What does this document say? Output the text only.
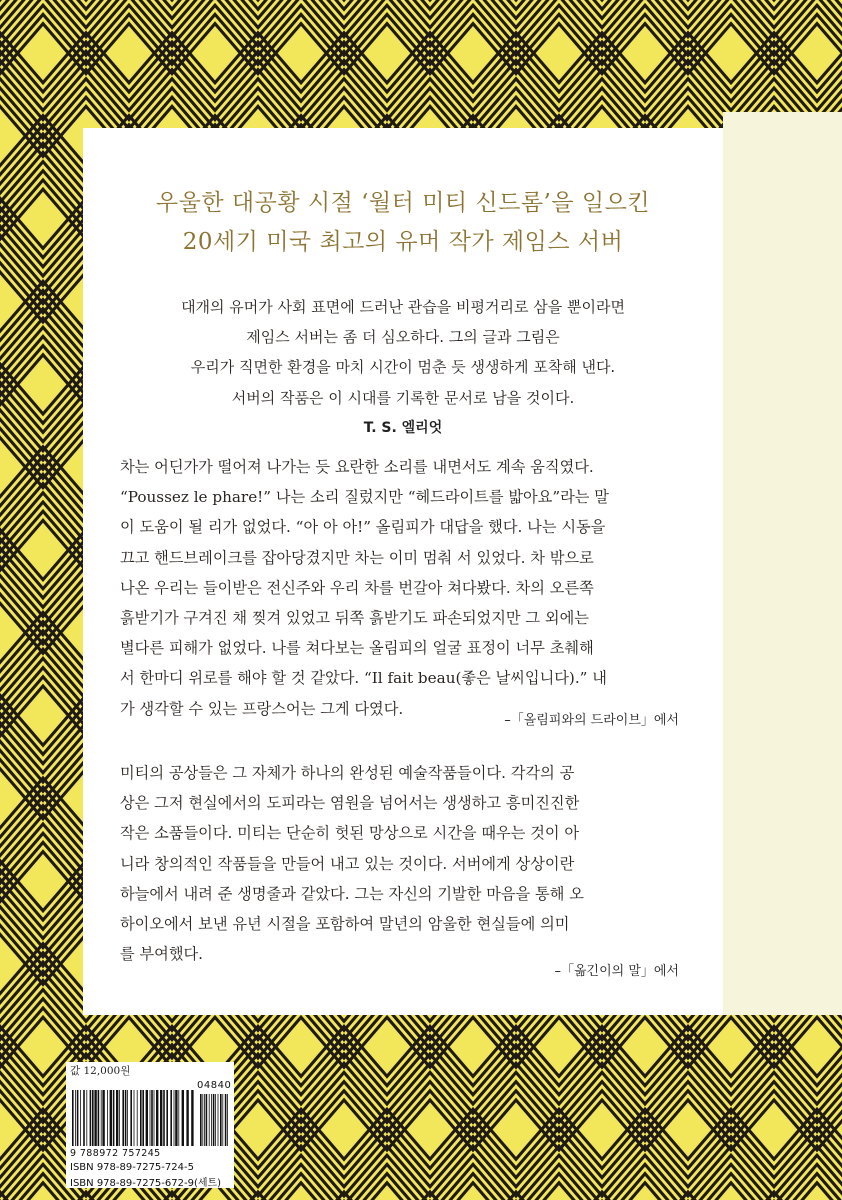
우울한 대공황 시절 ‘월터 미티 신드롬’을 일으킨
20세기 미국 최고의 유머 작가 제임스 서버
대개의 유머가 사회 표면에 드러난 관습을 비평거리로 삼을 뿐이라면
제임스 서버는 좀 더 심오하다. 그의 글과 그림은
우리가 직면한 환경을 마치 시간이 멈춘 듯 생생하게 포착해 낸다.
서버의 작품은 이 시대를 기록한 문서로 남을 것이다.
T. S. 엘리엇
차는 어딘가가 떨어져 나가는 듯 요란한 소리를 내면서도 계속 움직였다.
“Poussez le phare!” 나는 소리 질렀지만 “헤드라이트를 밟아요”라는 말
이 도움이 될 리가 없었다. “아 아 아!” 올림피가 대답을 했다. 나는 시동을
끄고 핸드브레이크를 잡아당겼지만 차는 이미 멈춰 서 있었다. 차 밖으로
나온 우리는 들이받은 전신주와 우리 차를 번갈아 쳐다봤다. 차의 오른쪽
흙받기가 구겨진 채 찢겨 있었고 뒤쪽 흙받기도 파손되었지만 그 외에는
별다른 피해가 없었다. 나를 쳐다보는 올림피의 얼굴 표정이 너무 초췌해
서 한마디 위로를 해야 할 것 같았다. “Il fait beau(좋은 날씨입니다).” 내
가 생각할 수 있는 프랑스어는 그게 다였다.
–「올림피와의 드라이브」에서
미티의 공상들은 그 자체가 하나의 완성된 예술작품들이다. 각각의 공
상은 그저 현실에서의 도피라는 염원을 넘어서는 생생하고 흥미진진한
작은 소품들이다. 미티는 단순히 헛된 망상으로 시간을 때우는 것이 아
니라 창의적인 작품들을 만들어 내고 있는 것이다. 서버에게 상상이란
하늘에서 내려 준 생명줄과 같았다. 그는 자신의 기발한 마음을 통해 오
하이오에서 보낸 유년 시절을 포함하여 말년의 암울한 현실들에 의미
를 부여했다.
–「옮긴이의 말」에서
값 12,000원
04840
9 788972 757245
ISBN 978-89-7275-724-5
ISBN 978-89-7275-672-9(세트)
